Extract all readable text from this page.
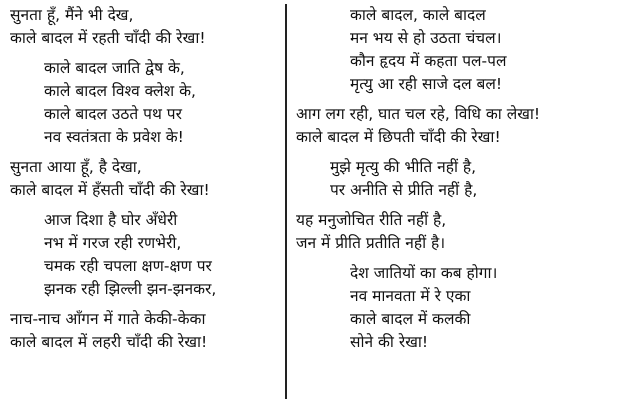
सुनता हूँ, मैंने भी देख,
काले बादल में रहती चाँदी की रेखा!
काले बादल जाति द्वेष के,
काले बादल विश्व क्लेश के,
काले बादल उठते पथ पर
नव स्वतंत्रता के प्रवेश के!
सुनता आया हूँ, है देखा,
काले बादल में हँसती चाँदी की रेखा!
आज दिशा है घोर अँधेरी
नभ में गरज रही रणभेरी,
चमक रही चपला क्षण-क्षण पर
झनक रही झिल्ली झन-झनकर,
नाच-नाच आँगन में गाते केकी-केका
काले बादल में लहरी चाँदी की रेखा!
काले बादल, काले बादल
मन भय से हो उठता चंचल।
कौन हृदय में कहता पल-पल
मृत्यु आ रही साजे दल बल!
आग लग रही, घात चल रहे, विधि का लेखा!
काले बादल में छिपती चाँदी की रेखा!
मुझे मृत्यु की भीति नहीं है,
पर अनीति से प्रीति नहीं है,
यह मनुजोचित रीति नहीं है,
जन में प्रीति प्रतीति नहीं है।
देश जातियों का कब होगा।
नव मानवता में रे एका
काले बादल में कलकी
सोने की रेखा!
